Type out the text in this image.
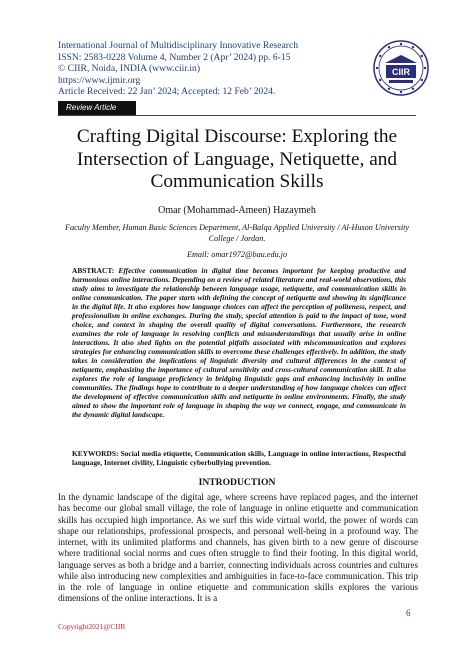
International Journal of Multidisciplinary Innovative Research
ISSN: 2583-0228 Volume 4, Number 2 (Apr’ 2024) pp. 6-15
© CIIR, Noida, INDIA (www.ciir.in)
https://www.ijmir.org
Article Received: 22 Jan’ 2024; Accepted: 12 Feb’ 2024.
CIIR
Review Article
Crafting Digital Discourse: Exploring the Intersection of Language, Netiquette, and Communication Skills
Omar (Mohammad-Ameen) Hazaymeh
Faculty Member, Human Basic Sciences Department, Al-Balqa Applied University / Al-Huson University College / Jordan.
Email: omar1972@bau.edu.jo
ABSTRACT: Effective communication in digital time becomes important for keeping productive and harmonious online interactions. Depending on a review of related literature and real-world observations, this study aims to investigate the relationship between language usage, netiquette, and communication skills in online communication. The paper starts with defining the concept of netiquette and showing its significance in the digital life. It also explores how language choices can affect the perception of politeness, respect, and professionalism in online exchanges. During the study, special attention is paid to the impact of tone, word choice, and context in shaping the overall quality of digital conversations. Furthermore, the research examines the role of language in resolving conflicts and misunderstandings that usually arise in online interactions. It also shed lights on the potential pitfalls associated with miscommunication and explores strategies for enhancing communication skills to overcome these challenges effectively. In addition, the study takes in consideration the implications of linguistic diversity and cultural differences in the context of netiquette, emphasizing the importance of cultural sensitivity and cross-cultural communication skill. It also explores the role of language proficiency in bridging linguistic gaps and enhancing inclusivity in online communities. The findings hope to contribute to a deeper understanding of how language choices can affect the development of effective communication skills and netiquette in online environments. Finally, the study aimed to show the important role of language in shaping the way we connect, engage, and communicate in the dynamic digital landscape.
KEYWORDS: Social media etiquette, Communication skills, Language in online interactions, Respectful language, Internet civility, Linguistic cyberbullying prevention.
INTRODUCTION
In the dynamic landscape of the digital age, where screens have replaced pages, and the internet has become our global small village, the role of language in online etiquette and communication skills has occupied high importance. As we surf this wide virtual world, the power of words can shape our relationships, professional prospects, and personal well-being in a profound way. The internet, with its unlimited platforms and channels, has given birth to a new genre of discourse where traditional social norms and cues often struggle to find their footing. In this digital world, language serves as both a bridge and a barrier, connecting individuals across countries and cultures while also introducing new complexities and ambiguities in face-to-face communication. This trip in the role of language in online etiquette and communication skills explores the various dimensions of the online interactions. It is a
6
Copyright2021@CIIR
